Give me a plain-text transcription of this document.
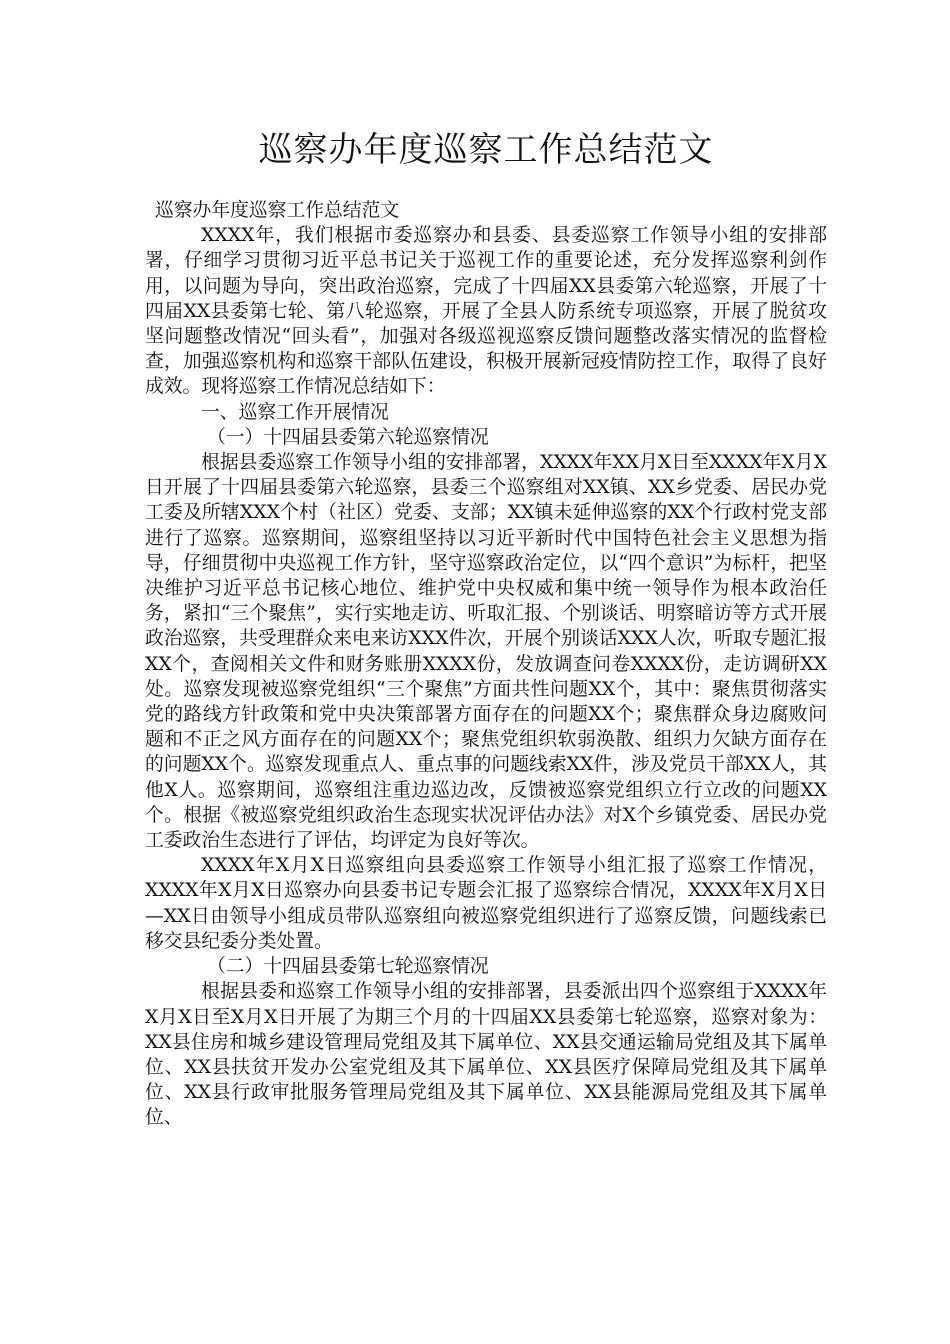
巡察办年度巡察工作总结范文

巡察办年度巡察工作总结范文

XXXX年，我们根据市委巡察办和县委、县委巡察工作领导小组的安排部署，仔细学习贯彻习近平总书记关于巡视工作的重要论述，充分发挥巡察利剑作用，以问题为导向，突出政治巡察，完成了十四届XX县委第六轮巡察，开展了十四届XX县委第七轮、第八轮巡察，开展了全县人防系统专项巡察，开展了脱贫攻坚问题整改情况“回头看”，加强对各级巡视巡察反馈问题整改落实情况的监督检查，加强巡察机构和巡察干部队伍建设，积极开展新冠疫情防控工作，取得了良好成效。现将巡察工作情况总结如下：

一、巡察工作开展情况

（一）十四届县委第六轮巡察情况

根据县委巡察工作领导小组的安排部署，XXXX年XX月X日至XXXX年X月X日开展了十四届县委第六轮巡察，县委三个巡察组对XX镇、XX乡党委、居民办党工委及所辖XXX个村（社区）党委、支部；XX镇未延伸巡察的XX个行政村党支部进行了巡察。巡察期间，巡察组坚持以习近平新时代中国特色社会主义思想为指导，仔细贯彻中央巡视工作方针，坚守巡察政治定位，以“四个意识”为标杆，把坚决维护习近平总书记核心地位、维护党中央权威和集中统一领导作为根本政治任务，紧扣“三个聚焦”，实行实地走访、听取汇报、个别谈话、明察暗访等方式开展政治巡察，共受理群众来电来访XXX件次，开展个别谈话XXX人次，听取专题汇报XX个，查阅相关文件和财务账册XXXX份，发放调查问卷XXXX份，走访调研XX处。巡察发现被巡察党组织“三个聚焦”方面共性问题XX个，其中：聚焦贯彻落实党的路线方针政策和党中央决策部署方面存在的问题XX个；聚焦群众身边腐败问题和不正之风方面存在的问题XX个；聚焦党组织软弱涣散、组织力欠缺方面存在的问题XX个。巡察发现重点人、重点事的问题线索XX件，涉及党员干部XX人，其他X人。巡察期间，巡察组注重边巡边改，反馈被巡察党组织立行立改的问题XX个。根据《被巡察党组织政治生态现实状况评估办法》对X个乡镇党委、居民办党工委政治生态进行了评估，均评定为良好等次。

XXXX年X月X日巡察组向县委巡察工作领导小组汇报了巡察工作情况，XXXX年X月X日巡察办向县委书记专题会汇报了巡察综合情况，XXXX年X月X日—XX日由领导小组成员带队巡察组向被巡察党组织进行了巡察反馈，问题线索已移交县纪委分类处置。

（二）十四届县委第七轮巡察情况

根据县委和巡察工作领导小组的安排部署，县委派出四个巡察组于XXXX年X月X日至X月X日开展了为期三个月的十四届XX县委第七轮巡察，巡察对象为：XX县住房和城乡建设管理局党组及其下属单位、XX县交通运输局党组及其下属单位、XX县扶贫开发办公室党组及其下属单位、XX县医疗保障局党组及其下属单位、XX县行政审批服务管理局党组及其下属单位、XX县能源局党组及其下属单位、
